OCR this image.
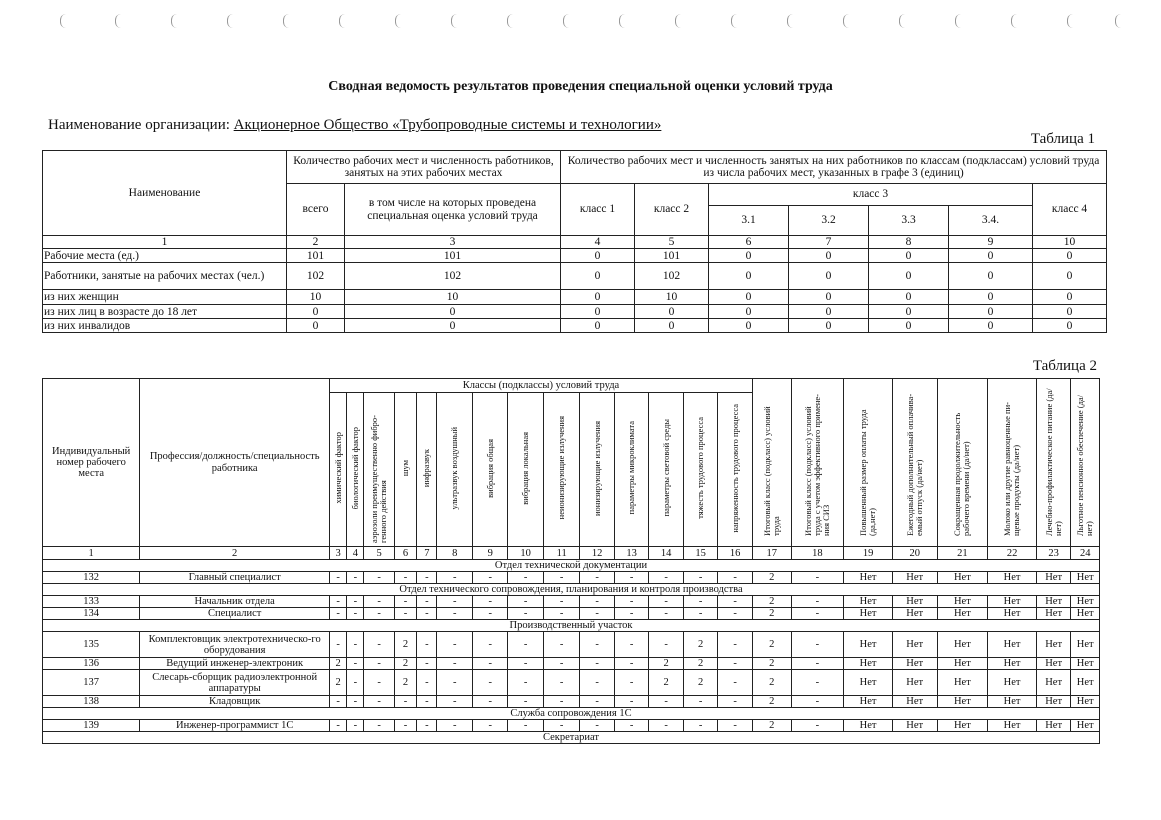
Сводная ведомость результатов проведения специальной оценки условий труда
Наименование организации: Акционерное Общество «Трубопроводные системы и технологии»
Таблица 1
Наименование	Количество рабочих мест и численность работников, занятых на этих рабочих местах		Количество рабочих мест и численность занятых на них работников по классам (подклассам) условий труда из числа рабочих мест, указанных в графе 3 (единиц)						
	всего	в том числе на которых проведена специальная оценка условий труда	класс 1	класс 2	класс 3				класс 4
					3.1	3.2	3.3	3.4.	
1	2	3	4	5	6	7	8	9	10
Рабочие места (ед.)	101	101	0	101	0	0	0	0	0
Работники, занятые на рабочих местах (чел.)	102	102	0	102	0	0	0	0	0
из них женщин	10	10	0	10	0	0	0	0	0
из них лиц в возрасте до 18 лет	0	0	0	0	0	0	0	0	0
из них инвалидов	0	0	0	0	0	0	0	0	0
Таблица 2
Индивидуальный номер рабочего места	Профессия/должность/специальность работника	Классы (подклассы) условий труда														Итоговый класс (подкласс) условий труда	Итоговый класс (подкласс) условий труда с учетом эффективного примене-ния СИЗ	Повышенный размер оплаты труда (да,нет)	Ежегодный дополнительный оплачива-емый отпуск (да/нет)	Сокращенная продолжительность рабочего времени (да/нет)	Молоко или другие равноценные пи-щевые продукты (да/нет)	Лечебно-профилактическое питание (да/нет)	Льготное пенсионное обеспечение (да/нет)
		химический фактор	биологический фактор	аэрозоли преимущественно фибро-генного действия	шум	инфразвук	ультразвук воздушный	вибрация общая	вибрация локальная	неионизирующие излучения	ионизирующие излучения	параметры микроклимата	параметры световой среды	тяжесть трудового процесса	напряженность трудового процесса								
1	2	3	4	5	6	7	8	9	10	11	12	13	14	15	16	17	18	19	20	21	22	23	24
Отдел технической документации																							
132	Главный специалист	-	-	-	-	-	-	-	-	-	-	-	-	-	-	2	-	Нет	Нет	Нет	Нет	Нет	Нет
Отдел технического сопровождения, планирования и контроля производства																							
133	Начальник отдела	-	-	-	-	-	-	-	-	-	-	-	-	-	-	2	-	Нет	Нет	Нет	Нет	Нет	Нет
134	Специалист	-	-	-	-	-	-	-	-	-	-	-	-	-	-	2	-	Нет	Нет	Нет	Нет	Нет	Нет
Производственный участок																							
135	Комплектовщик электротехническо-го оборудования	-	-	-	2	-	-	-	-	-	-	-	-	2	-	2	-	Нет	Нет	Нет	Нет	Нет	Нет
136	Ведущий инженер-электроник	2	-	-	2	-	-	-	-	-	-	-	2	2	-	2	-	Нет	Нет	Нет	Нет	Нет	Нет
137	Слесарь-сборщик радиоэлектронной аппаратуры	2	-	-	2	-	-	-	-	-	-	-	2	2	-	2	-	Нет	Нет	Нет	Нет	Нет	Нет
138	Кладовщик	-	-	-	-	-	-	-	-	-	-	-	-	-	-	2	-	Нет	Нет	Нет	Нет	Нет	Нет
Служба сопровождения 1С																							
139	Инженер-программист 1С	-	-	-	-	-	-	-	-	-	-	-	-	-	-	2	-	Нет	Нет	Нет	Нет	Нет	Нет
Секретариат																							
